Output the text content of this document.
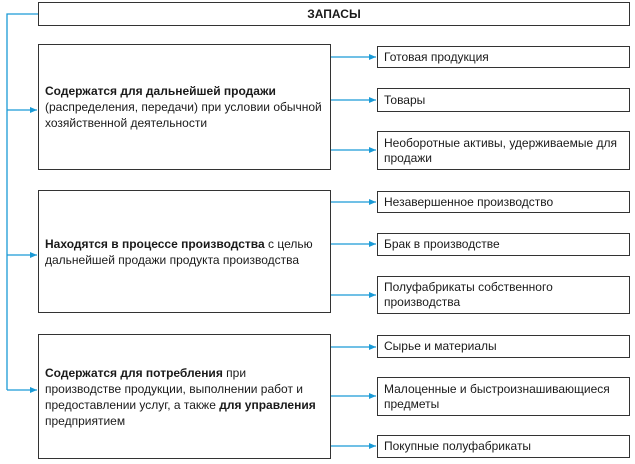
ЗАПАСЫ
Содержатся для дальнейшей продажи (распределения, передачи) при условии обычной хозяйственной деятельности
Находятся в процессе производства с целью дальнейшей продажи продукта производства
Содержатся для потребления при производстве продукции, выполнении работ и предоставлении услуг, а также для управления предприятием
Готовая продукция
Товары
Необоротные активы, удерживаемые для продажи
Незавершенное производство
Брак в производстве
Полуфабрикаты собственного производства
Сырье и материалы
Малоценные и быстроизнашивающиеся предметы
Покупные полуфабрикаты
